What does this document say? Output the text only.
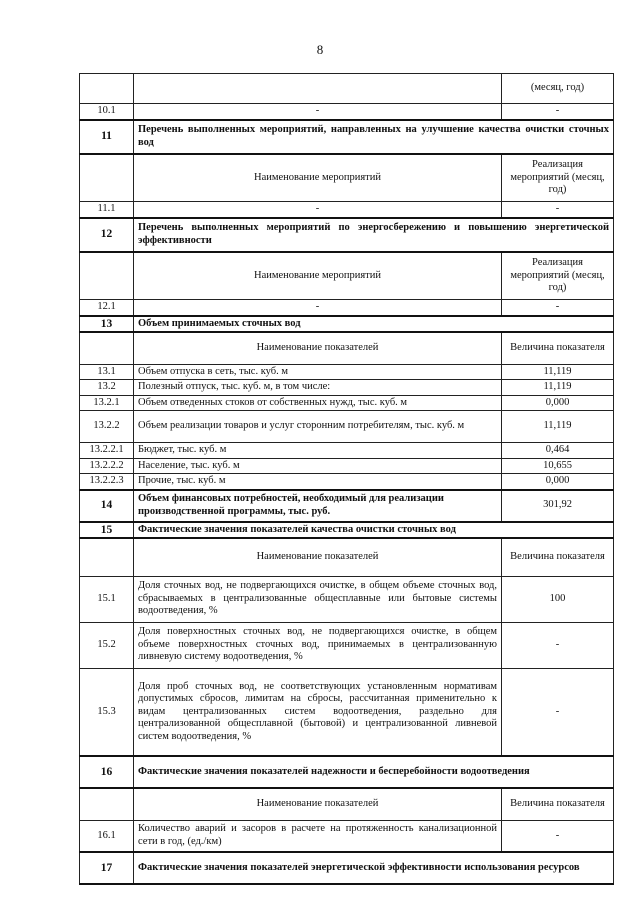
8
		(месяц, год)
10.1	-	-
11	Перечень выполненных мероприятий, направленных на улучшение качества очистки сточных вод	
	Наименование мероприятий	Реализация мероприятий (месяц, год)
11.1	-	-
12	Перечень выполненных мероприятий по энергосбережению и повышению энергетической эффективности	
	Наименование мероприятий	Реализация мероприятий (месяц, год)
12.1	-	-
13	Объем принимаемых сточных вод	
	Наименование показателей	Величина показателя
13.1	Объем отпуска в сеть, тыс. куб. м	11,119
13.2	Полезный отпуск, тыс. куб. м, в том числе:	11,119
13.2.1	Объем отведенных стоков от собственных нужд, тыс. куб. м	0,000
13.2.2	Объем реализации товаров и услуг сторонним потребителям, тыс. куб. м	11,119
13.2.2.1	Бюджет, тыс. куб. м	0,464
13.2.2.2	Население, тыс. куб. м	10,655
13.2.2.3	Прочие, тыс. куб. м	0,000
14	Объем финансовых потребностей, необходимый для реализации производственной программы, тыс. руб.	301,92
15	Фактические значения показателей качества очистки сточных вод	
	Наименование показателей	Величина показателя
15.1	Доля сточных вод, не подвергающихся очистке, в общем объеме сточных вод, сбрасываемых в централизованные общесплавные или бытовые системы водоотведения, %	100
15.2	Доля поверхностных сточных вод, не подвергающихся очистке, в общем объеме поверхностных сточных вод, принимаемых в централизованную ливневую систему водоотведения, %	-
15.3	Доля проб сточных вод, не соответствующих установленным нормативам допустимых сбросов, лимитам на сбросы, рассчитанная применительно к видам централизованных систем водоотведения, раздельно для централизованной общесплавной (бытовой) и централизованной ливневой систем водоотведения, %	-
16	Фактические значения показателей надежности и бесперебойности водоотведения	
	Наименование показателей	Величина показателя
16.1	Количество аварий и засоров в расчете на протяженность канализационной сети в год, (ед./км)	-
17	Фактические значения показателей энергетической эффективности использования ресурсов	
